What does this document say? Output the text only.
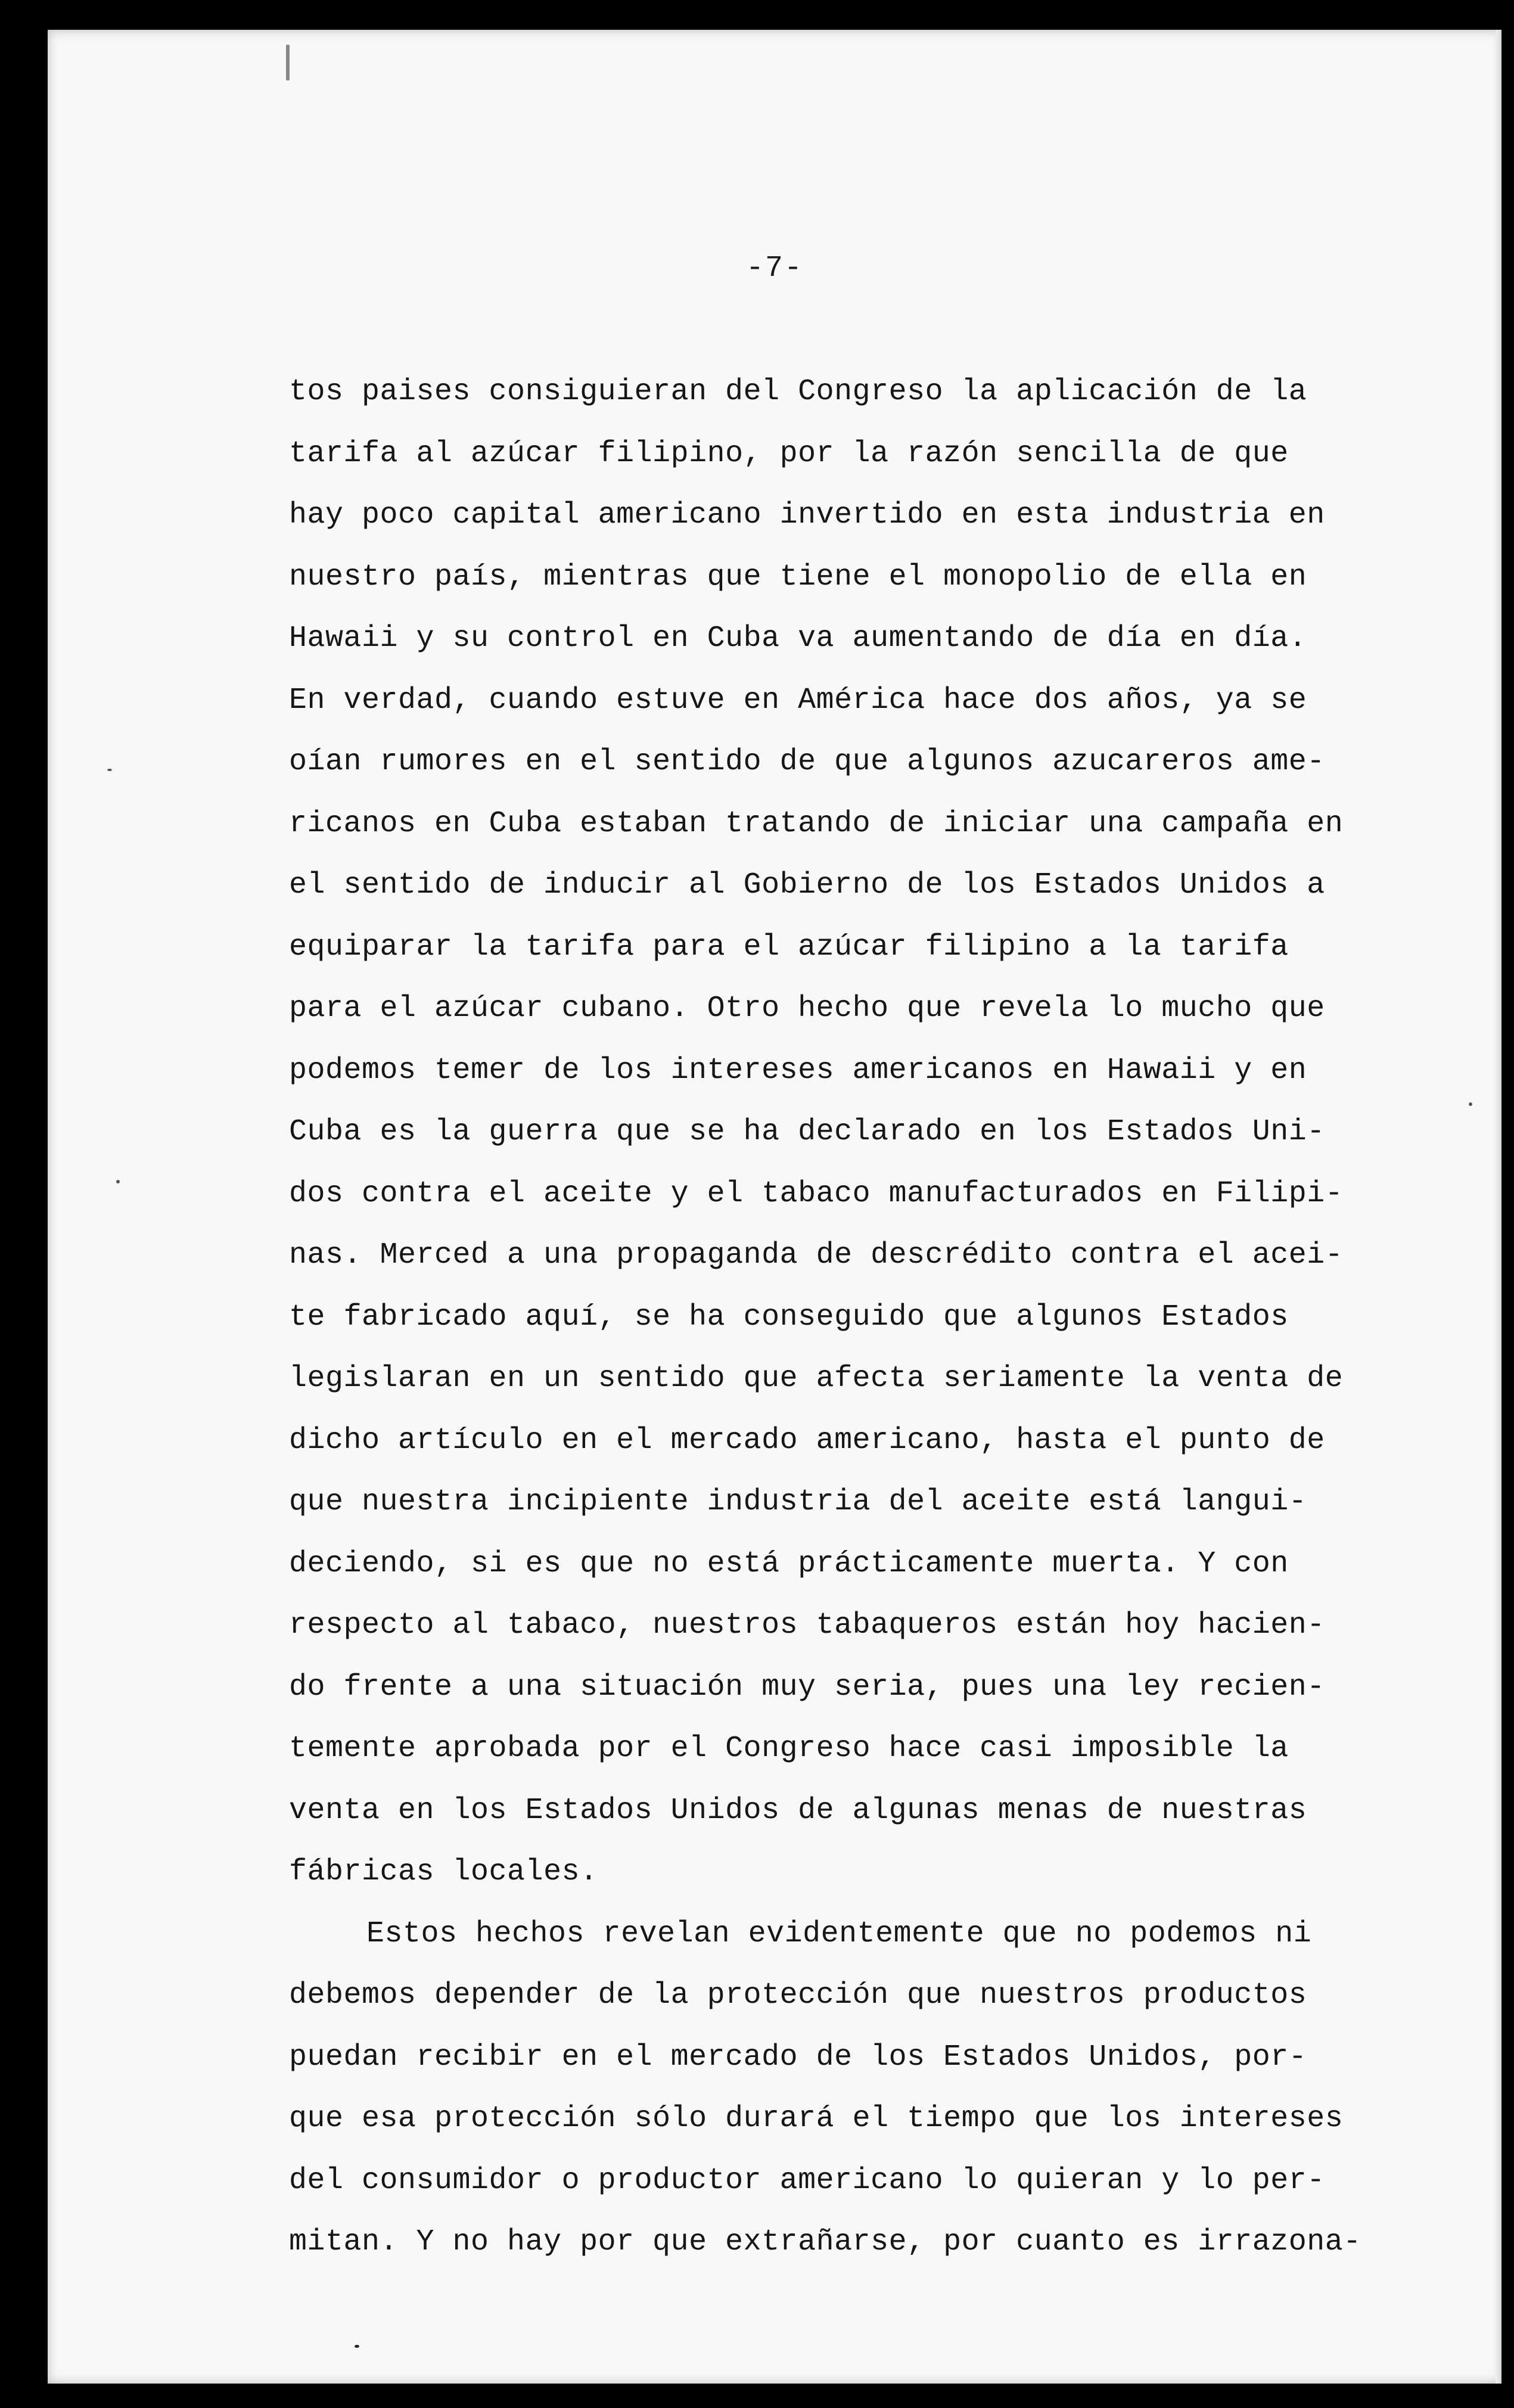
-7-
tos paises consiguieran del Congreso la aplicación de la
tarifa al azúcar filipino, por la razón sencilla de que
hay poco capital americano invertido en esta industria en
nuestro país, mientras que tiene el monopolio de ella en
Hawaii y su control en Cuba va aumentando de día en día.
En verdad, cuando estuve en América hace dos años, ya se
oían rumores en el sentido de que algunos azucareros ame-
ricanos en Cuba estaban tratando de iniciar una campaña en
el sentido de inducir al Gobierno de los Estados Unidos a
equiparar la tarifa para el azúcar filipino a la tarifa
para el azúcar cubano. Otro hecho que revela lo mucho que
podemos temer de los intereses americanos en Hawaii y en
Cuba es la guerra que se ha declarado en los Estados Uni-
dos contra el aceite y el tabaco manufacturados en Filipi-
nas. Merced a una propaganda de descrédito contra el acei-
te fabricado aquí, se ha conseguido que algunos Estados
legislaran en un sentido que afecta seriamente la venta de
dicho artículo en el mercado americano, hasta el punto de
que nuestra incipiente industria del aceite está langui-
deciendo, si es que no está prácticamente muerta. Y con
respecto al tabaco, nuestros tabaqueros están hoy hacien-
do frente a una situación muy seria, pues una ley recien-
temente aprobada por el Congreso hace casi imposible la
venta en los Estados Unidos de algunas menas de nuestras
fábricas locales.
Estos hechos revelan evidentemente que no podemos ni
debemos depender de la protección que nuestros productos
puedan recibir en el mercado de los Estados Unidos, por-
que esa protección sólo durará el tiempo que los intereses
del consumidor o productor americano lo quieran y lo per-
mitan. Y no hay por que extrañarse, por cuanto es irrazona-
